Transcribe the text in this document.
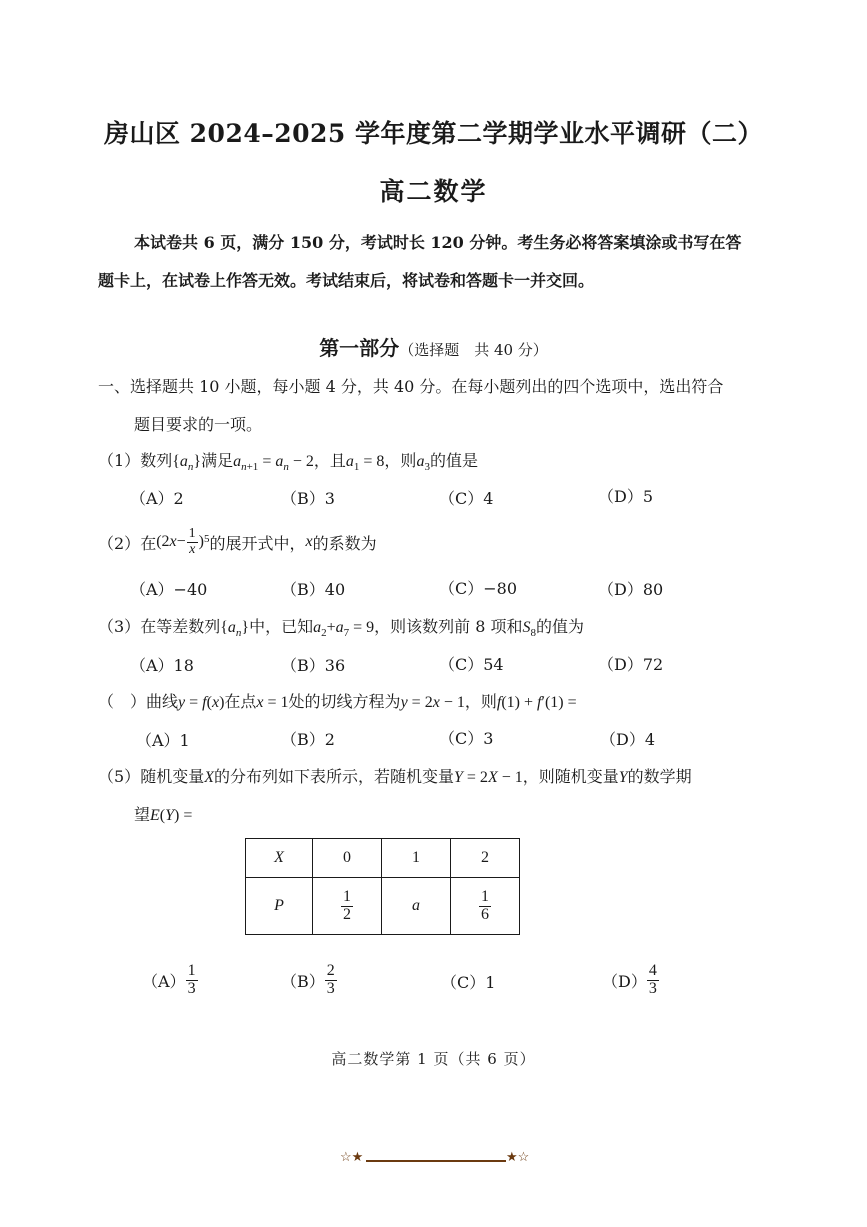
房山区 2024–2025 学年度第二学期学业水平调研（二）
高二数学
本试卷共 6 页，满分 150 分，考试时长 120 分钟。考生务必将答案填涂或书写在答
题卡上，在试卷上作答无效。考试结束后，将试卷和答题卡一并交回。
第一部分（选择题　共 40 分）
一、选择题共 10 小题，每小题 4 分，共 40 分。在每小题列出的四个选项中，选出符合
题目要求的一项。
（1）数列$\{a_n\}$满足$a_{n+1} = a_n - 2$，且$a_1 = 8$，则$a_3$的值是
（A）2	（B）3	（C）4	（D）5
（2） 在 (2 $x - \frac{1}{x}$ ) 5 的展开式中， x 的系数为
（A）−40	（B）40	（C）−80	（D）80
（3）在等差数列$\{a_n\}$中，已知$a_2+a_7 = 9$，则该数列前 8 项和$S_8$的值为
（A）18	（B）36	（C）54	（D）72
（　）曲线y = f(x)在点x = 1处的切线方程为y = 2x − 1，则f(1) + f′(1) =
（A）1	（B）2	（C）3	（D）4
（5）随机变量X的分布列如下表所示，若随机变量Y = 2X − 1，则随机变量Y的数学期
望E(Y) =
X	0	1	2
P	$\frac{1}{2}$	a	$\frac{1}{6}$
$(A) \frac{1}{3}$	$(B) \frac{2}{3}$	（C）1	$(D) \frac{4}{3}$
高二数学第 1 页（共 6 页）
☆★	★☆
